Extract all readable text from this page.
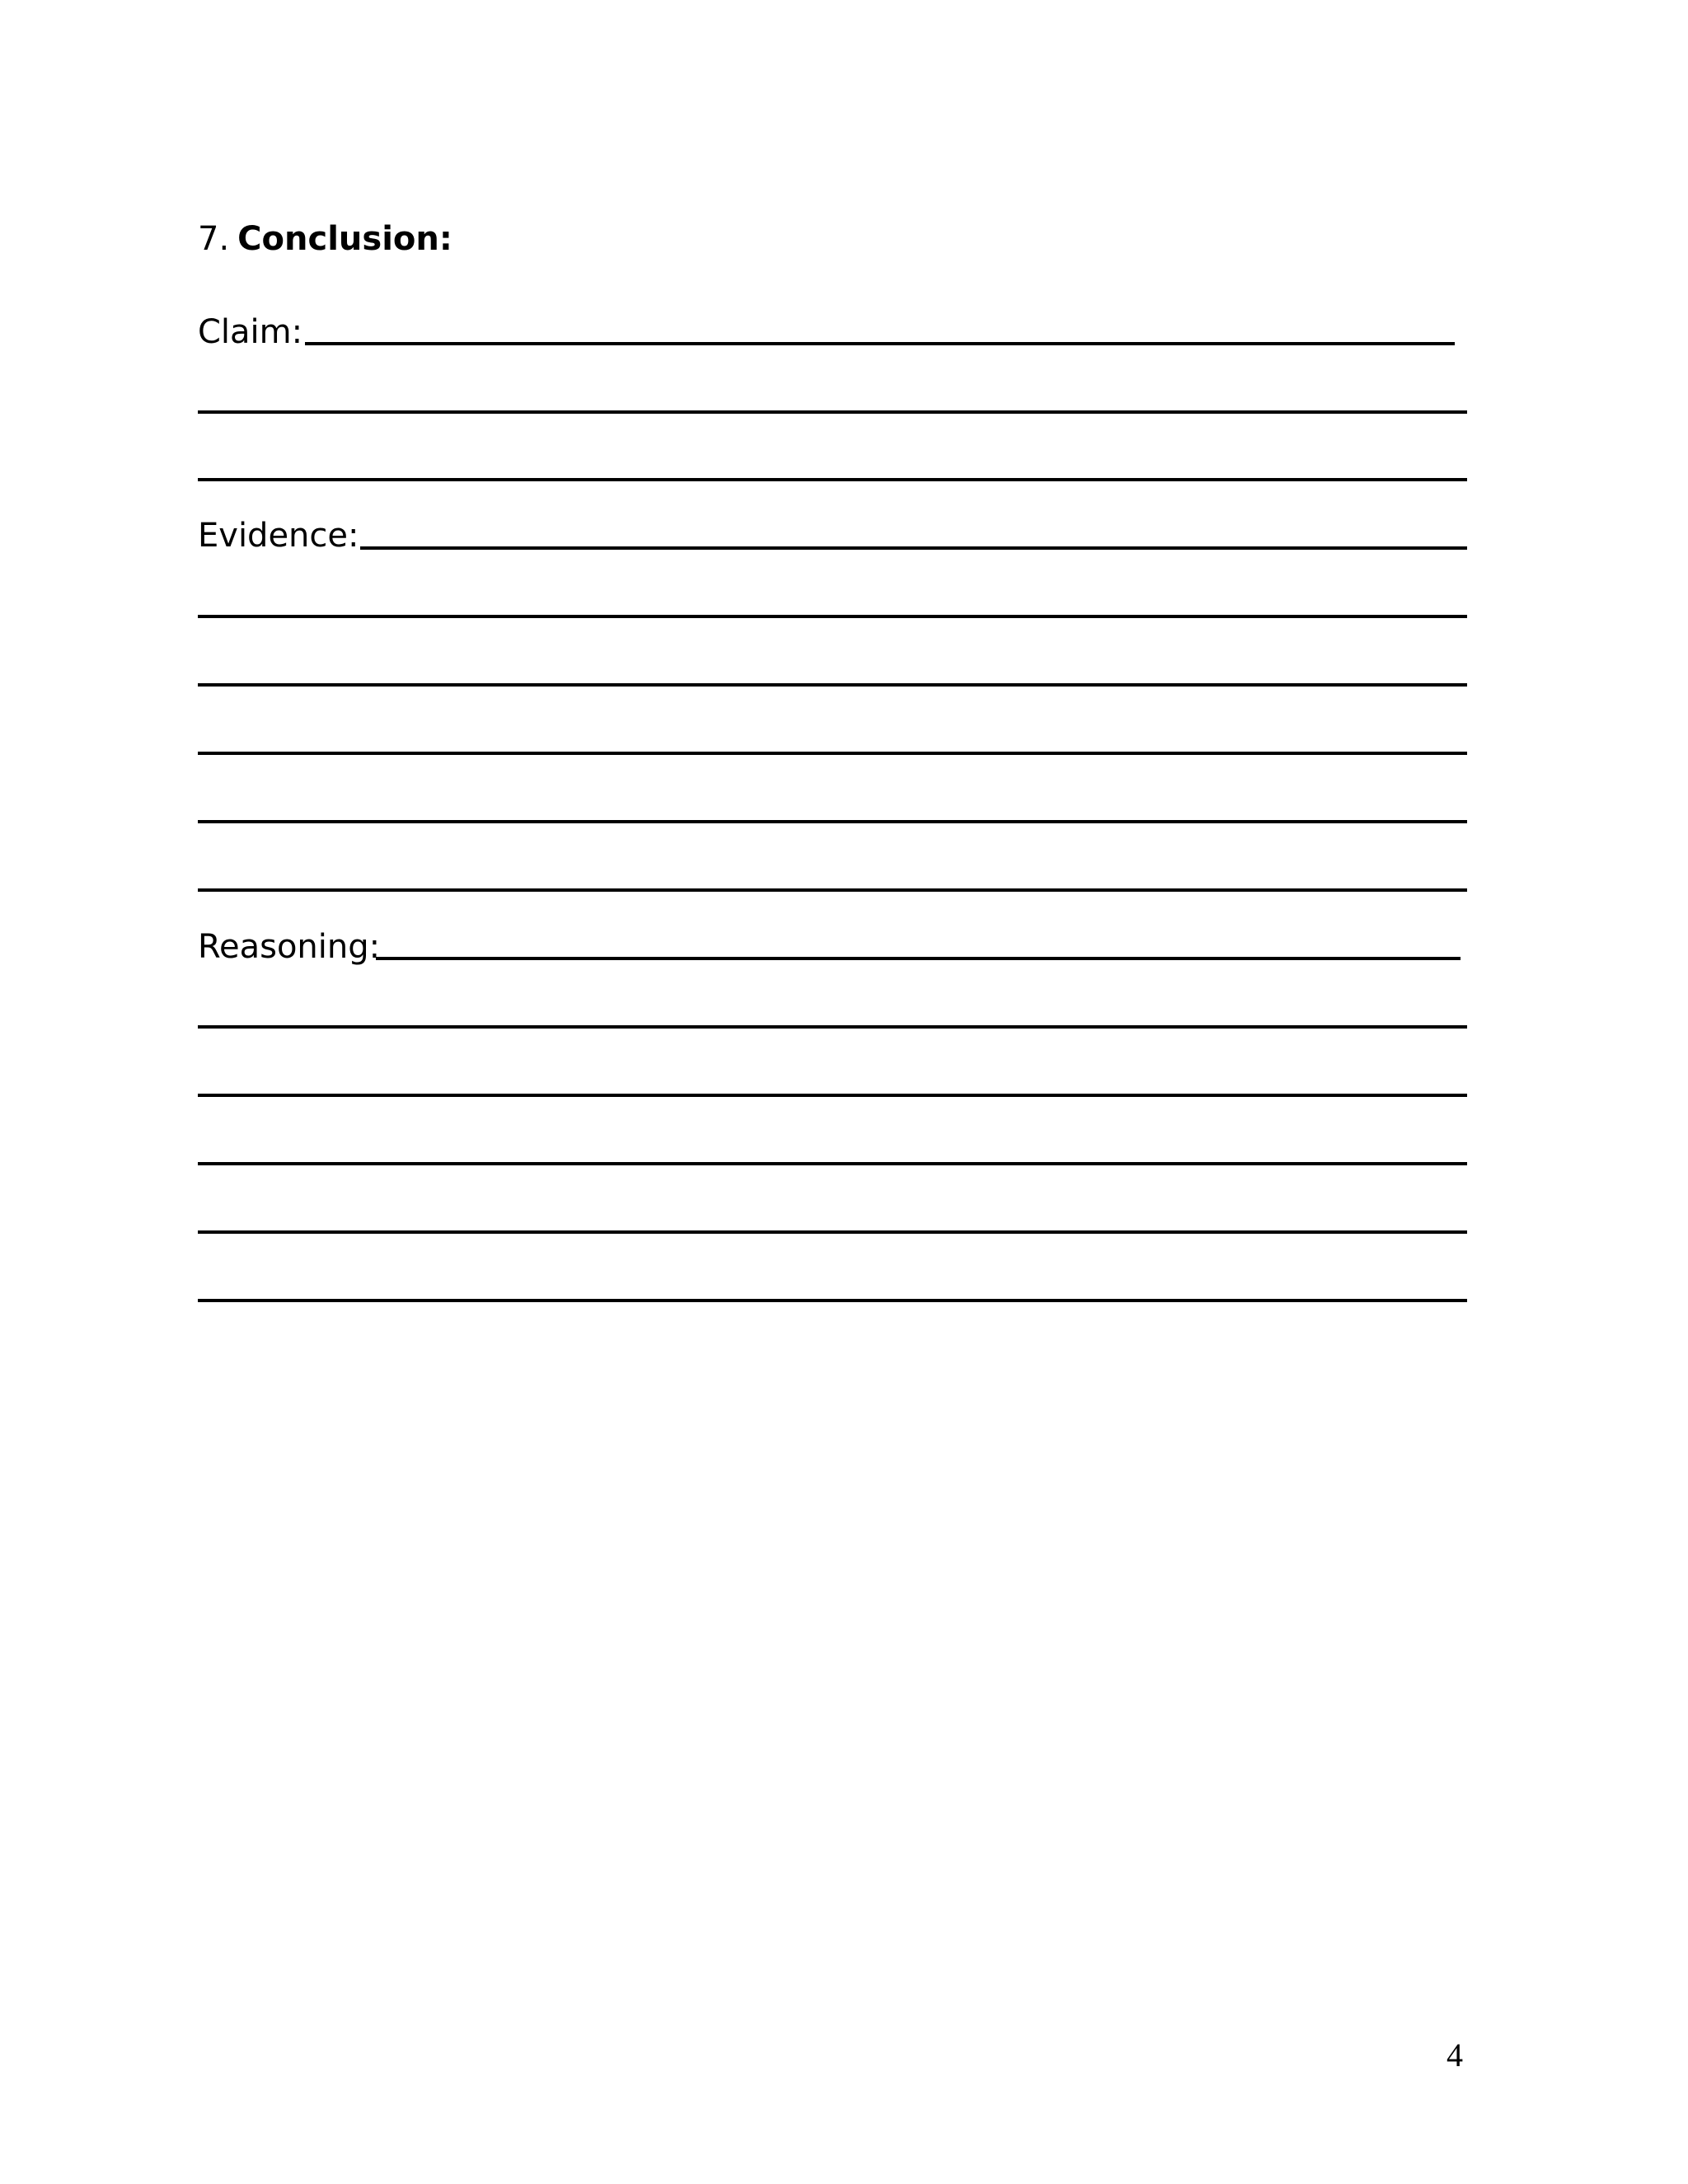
7. Conclusion:
Claim:
Evidence:
Reasoning:
4
